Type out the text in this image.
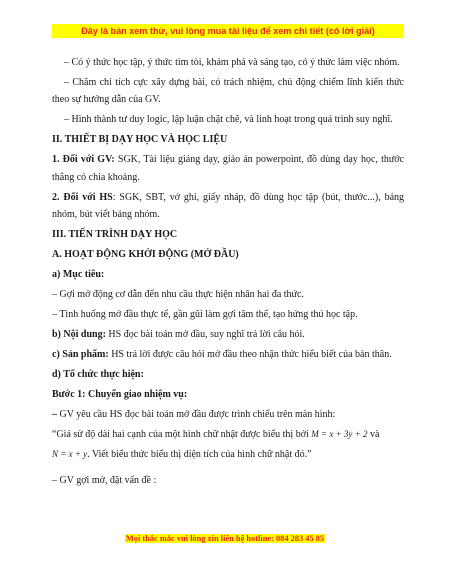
Đây là bản xem thử, vui lòng mua tài liệu để xem chi tiết (có lời giải)

– Có ý thức học tập, ý thức tìm tòi, khám phá và sáng tạo, có ý thức làm việc nhóm.

– Chăm chỉ tích cực xây dựng bài, có trách nhiệm, chủ động chiếm lĩnh kiến thức theo sự hướng dẫn của GV.

– Hình thành tư duy logic, lập luận chặt chẽ, và linh hoạt trong quá trình suy nghĩ.

II. THIẾT BỊ DẠY HỌC VÀ HỌC LIỆU

1. Đối với GV: SGK, Tài liệu giảng dạy, giáo án powerpoint, đồ dùng dạy học, thước thẳng có chia khoảng.

2. Đối với HS: SGK, SBT, vở ghi, giấy nháp, đồ dùng học tập (bút, thước...), bảng nhóm, bút viết bảng nhóm.

III. TIẾN TRÌNH DẠY HỌC

A. HOẠT ĐỘNG KHỞI ĐỘNG (MỞ ĐẦU)

a) Mục tiêu:

– Gợi mở động cơ dẫn đến nhu cầu thực hiện nhân hai đa thức.

– Tình huống mở đầu thực tế, gần gũi làm gợi tâm thế, tạo hứng thú học tập.

b) Nội dung: HS đọc bài toán mở đầu, suy nghĩ trả lời câu hỏi.

c) Sản phẩm: HS trả lời được câu hỏi mở đầu theo nhận thức hiểu biết của bản thân.

d) Tổ chức thực hiện:

Bước 1: Chuyển giao nhiệm vụ:

– GV yêu cầu HS đọc bài toán mở đầu được trình chiếu trên màn hình:

“Giả sử độ dài hai cạnh của một hình chữ nhật được biểu thị bởi M = x + 3y + 2 và

N = x + y. Viết biểu thức biểu thị diện tích của hình chữ nhật đó.”

– GV gợi mở, đặt vấn đề :

Mọi thắc mắc vui lòng xin liên hệ hotline: 084 283 45 85
